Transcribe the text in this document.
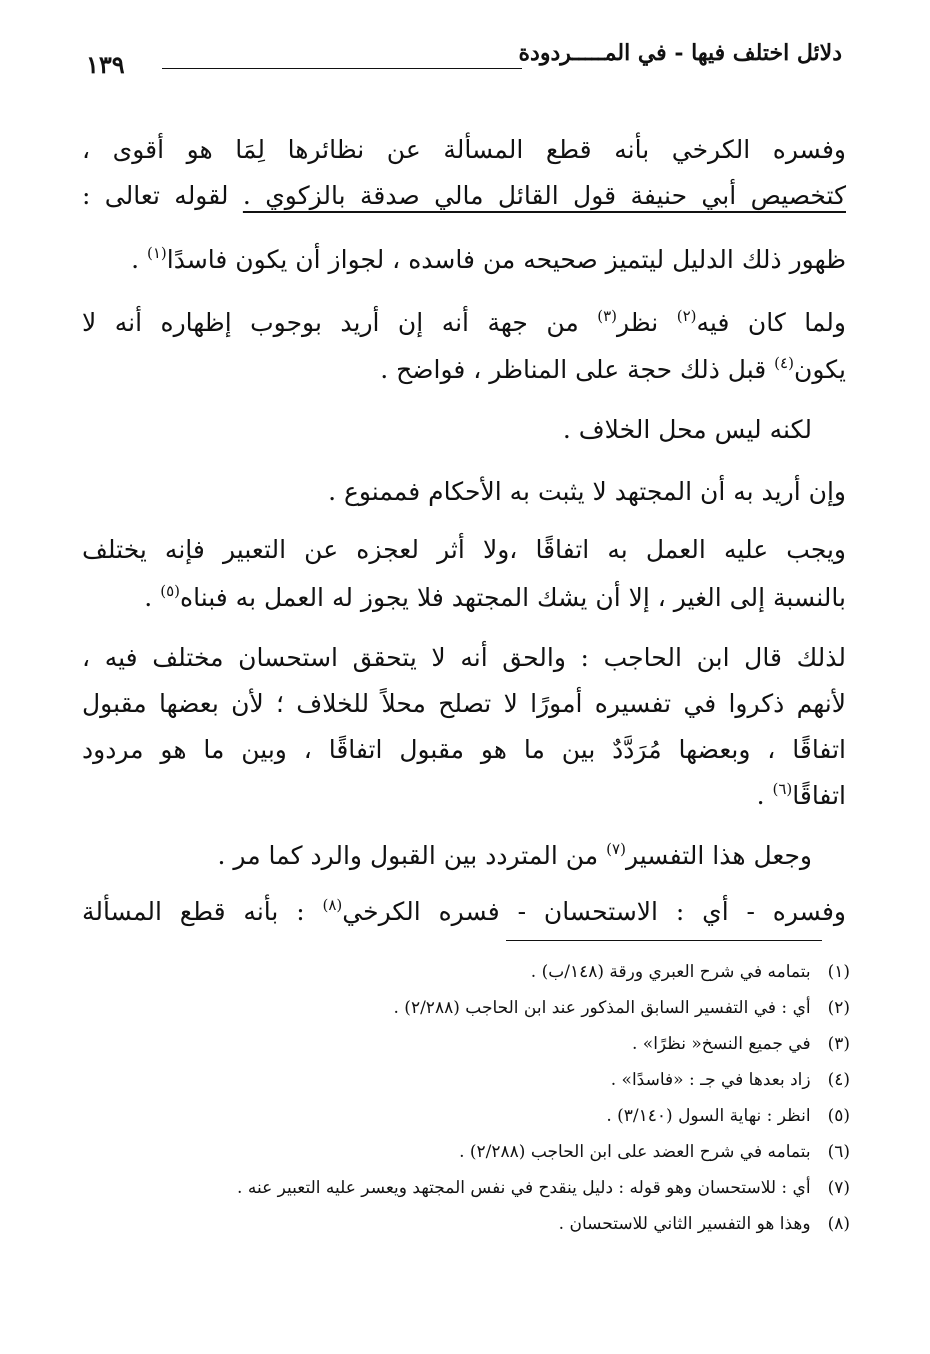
دلائل اختلف فيها - في المـــــردودة
١٣٩
وفسره الكرخي بأنه قطع المسألة عن نظائرها لِمَا هو أقوى ،
كتخصيص أبي حنيفة قول القائل مالي صدقة بالزكوي . لقوله تعالى :
ظهور ذلك الدليل ليتميز صحيحه من فاسده ، لجواز أن يكون فاسدًا$^{(١)}$ .
ولما كان فيه$^{(٢)}$ نظر$^{(٣)}$ من جهة أنه إن أريد بوجوب إظهاره أنه لا
يكون$^{(٤)}$ قبل ذلك حجة على المناظر ، فواضح .
لكنه ليس محل الخلاف .
وإن أريد به أن المجتهد لا يثبت به الأحكام فممنوع .
ويجب عليه العمل به اتفاقًا ،ولا أثر لعجزه عن التعبير فإنه يختلف
بالنسبة إلى الغير ، إلا أن يشك المجتهد فلا يجوز له العمل به فبناه$^{(٥)}$ .
لذلك قال ابن الحاجب : والحق أنه لا يتحقق استحسان مختلف فيه ،
لأنهم ذكروا في تفسيره أمورًا لا تصلح محلاً للخلاف ؛ لأن بعضها مقبول
اتفاقًا ، وبعضها مُرَدَّدٌ بين ما هو مقبول اتفاقًا ، وبين ما هو مردود
اتفاقًا$^{(٦)}$ .
وجعل هذا التفسير$^{(٧)}$ من المتردد بين القبول والرد كما مر .
وفسره - أي : الاستحسان - فسره الكرخي$^{(٨)}$ : بأنه قطع المسألة
(١) بتمامه في شرح العبري ورقة (١٤٨/ب) .
(٢) أي : في التفسير السابق المذكور عند ابن الحاجب (٢/٢٨٨) .
(٣) في جميع النسخ« نظرًا» .
(٤) زاد بعدها في جـ : «فاسدًا» .
(٥) انظر : نهاية السول (٣/١٤٠) .
(٦) بتمامه في شرح العضد على ابن الحاجب (٢/٢٨٨) .
(٧) أي : للاستحسان وهو قوله : دليل ينقدح في نفس المجتهد ويعسر عليه التعبير عنه .
(٨) وهذا هو التفسير الثاني للاستحسان .
